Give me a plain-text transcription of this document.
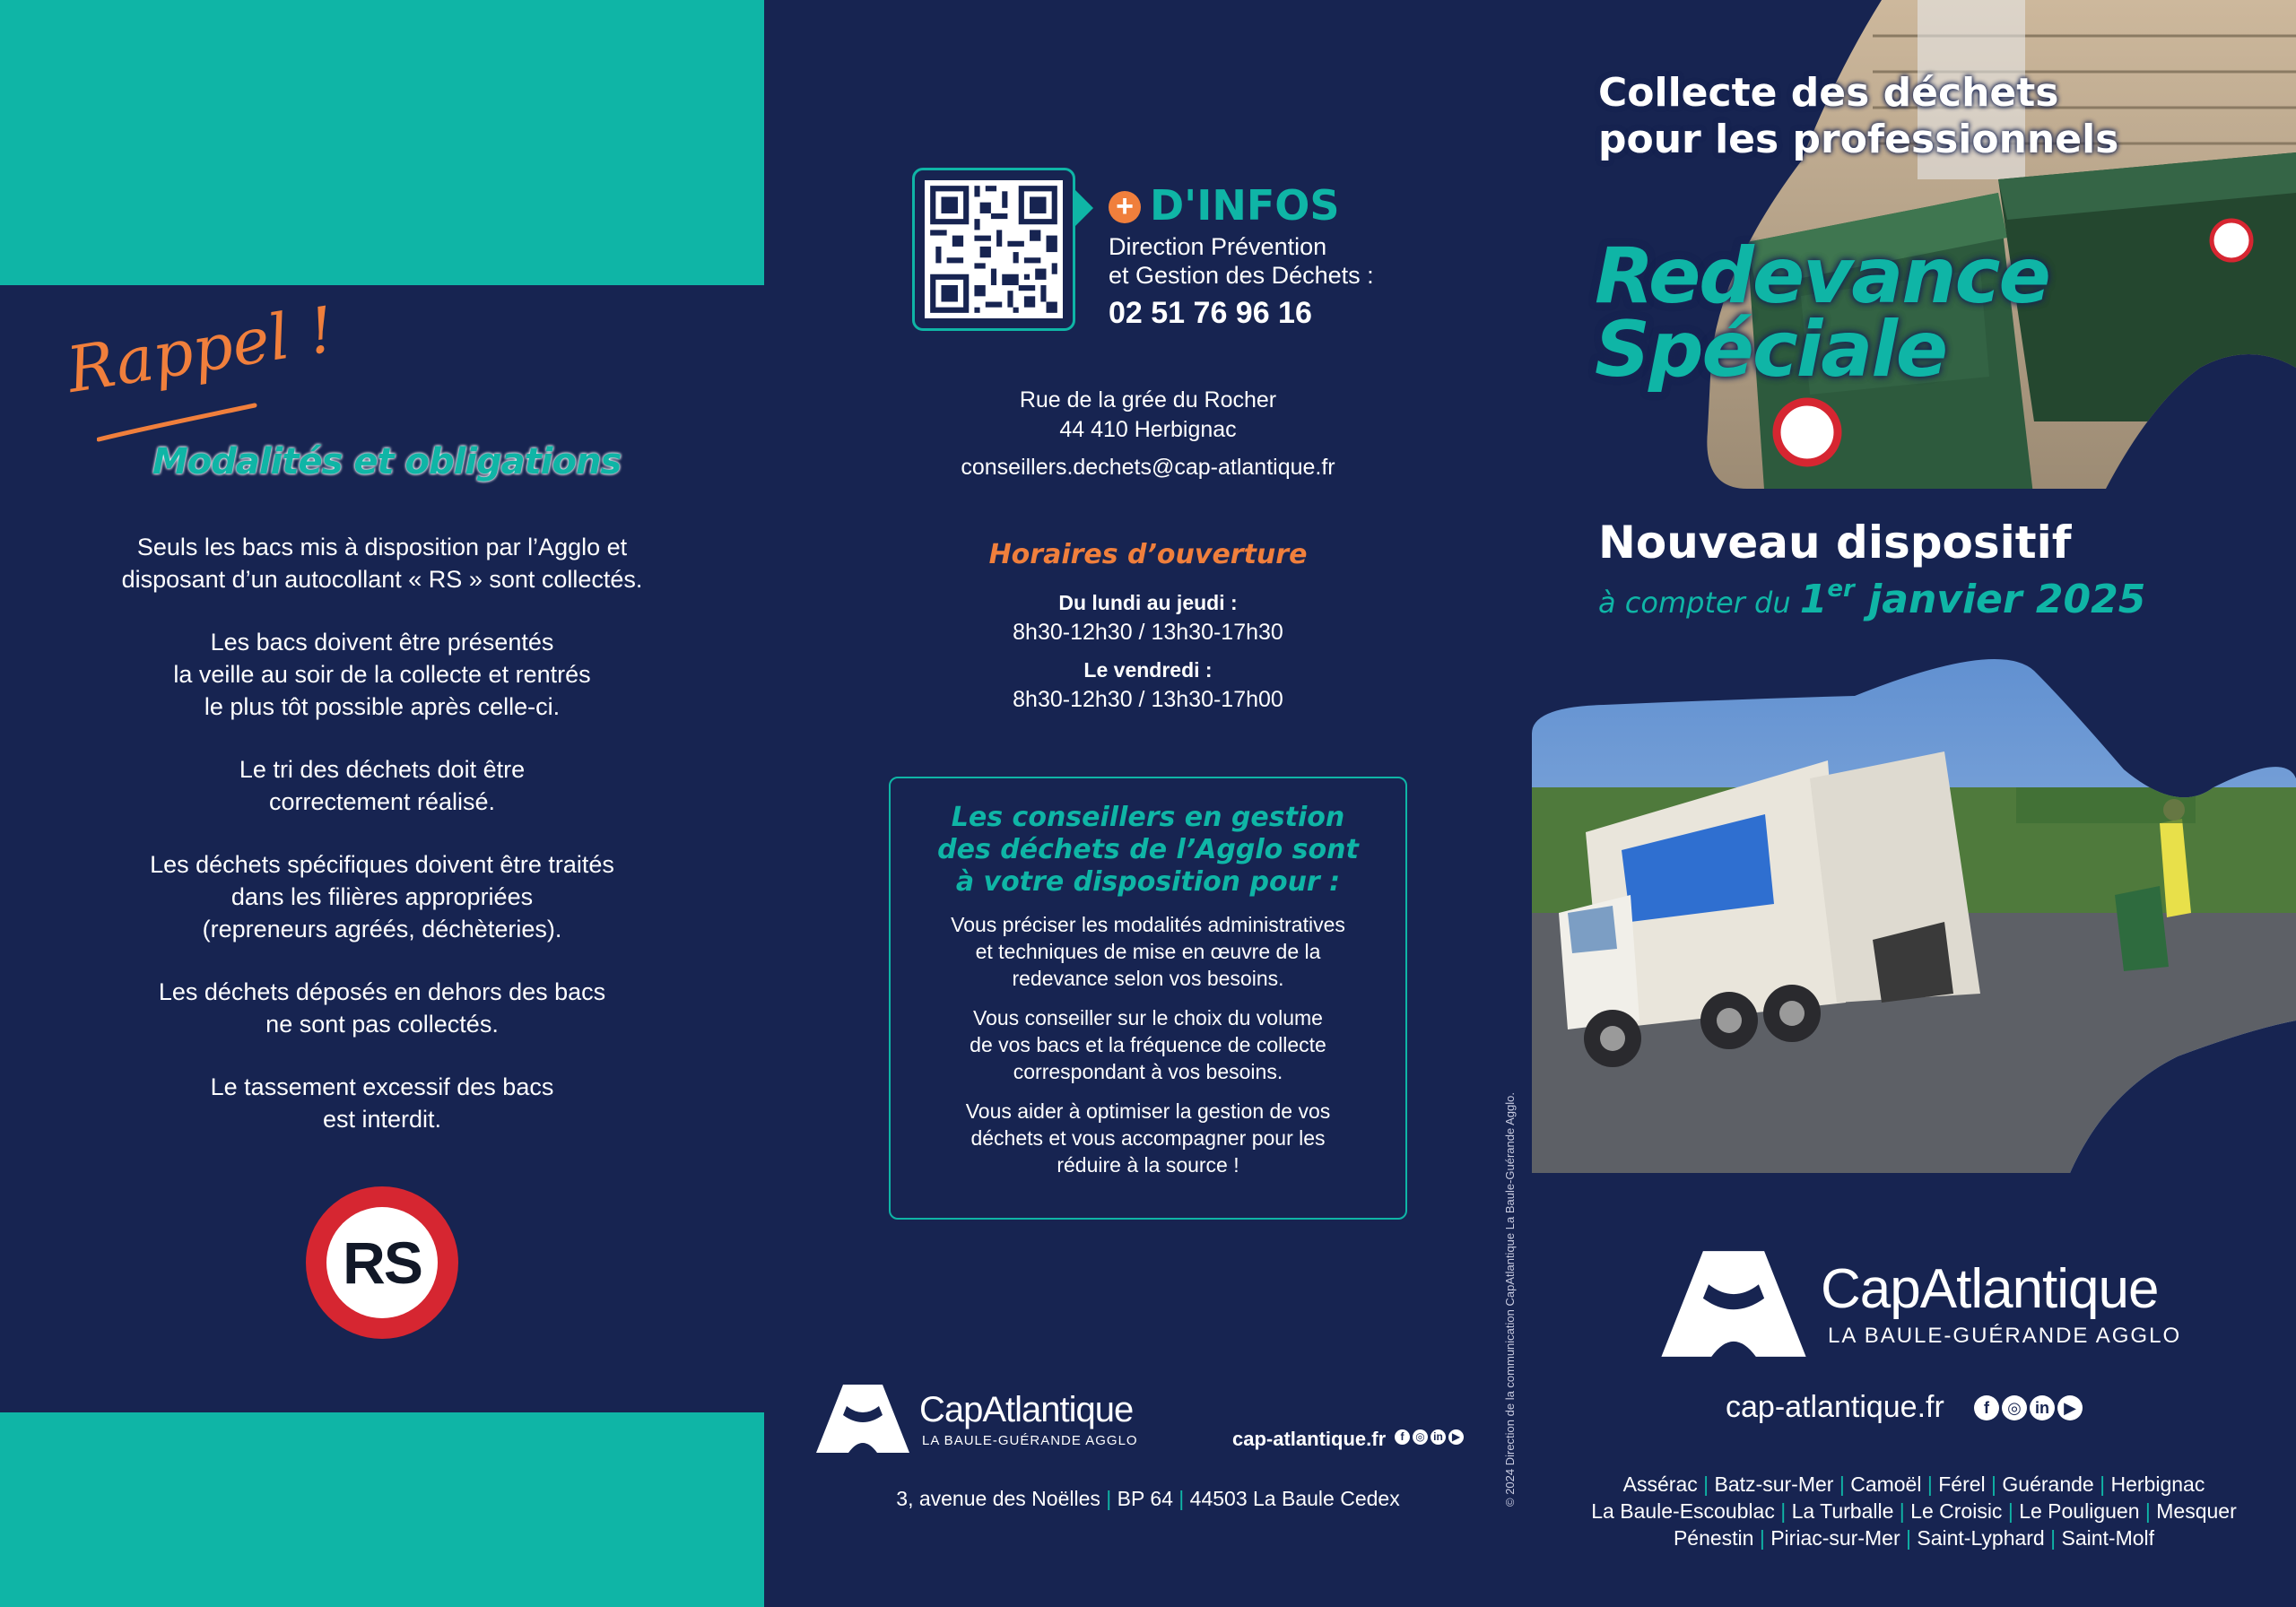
Rappel !
Modalités et obligations

Seuls les bacs mis à disposition par l’Agglo et
disposant d’un autocollant « RS » sont collectés.

Les bacs doivent être présentés
la veille au soir de la collecte et rentrés
le plus tôt possible après celle-ci.

Le tri des déchets doit être
correctement réalisé.

Les déchets spécifiques doivent être traités
dans les filières appropriées
(repreneurs agréés, déchèteries).

Les déchets déposés en dehors des bacs
ne sont pas collectés.

Le tassement excessif des bacs
est interdit.

RS
+ D'INFOS
Direction Prévention
et Gestion des Déchets :
02 51 76 96 16
Rue de la grée du Rocher
44 410 Herbignac
conseillers.dechets@cap-atlantique.fr
Horaires d’ouverture
Du lundi au jeudi :
8h30-12h30 / 13h30-17h30
Le vendredi :
8h30-12h30 / 13h30-17h00
Les conseillers en gestion
des déchets de l’Agglo sont
à votre disposition pour :

Vous préciser les modalités administratives
et techniques de mise en œuvre de la
redevance selon vos besoins.

Vous conseiller sur le choix du volume
de vos bacs et la fréquence de collecte
correspondant à vos besoins.

Vous aider à optimiser la gestion de vos
déchets et vous accompagner pour les
réduire à la source !

CapAtlantique
LA BAULE-GUÉRANDE AGGLO	cap-atlantique.fr	f ◎ in ▶
3, avenue des Noëlles | BP 64 | 44503 La Baule Cedex	© 2024 Direction de la communication CapAtlantique La Baule-Guérande Agglo.
Collecte des déchets
pour les professionnels
Redevance
Spéciale
Nouveau dispositif
à compter du 1er janvier 2025
CapAtlantique
LA BAULE-GUÉRANDE AGGLO
cap-atlantique.fr	f ◎ in ▶
Assérac | Batz-sur-Mer | Camoël | Férel | Guérande | Herbignac
La Baule-Escoublac | La Turballe | Le Croisic | Le Pouliguen | Mesquer
Pénestin | Piriac-sur-Mer | Saint-Lyphard | Saint-Molf
